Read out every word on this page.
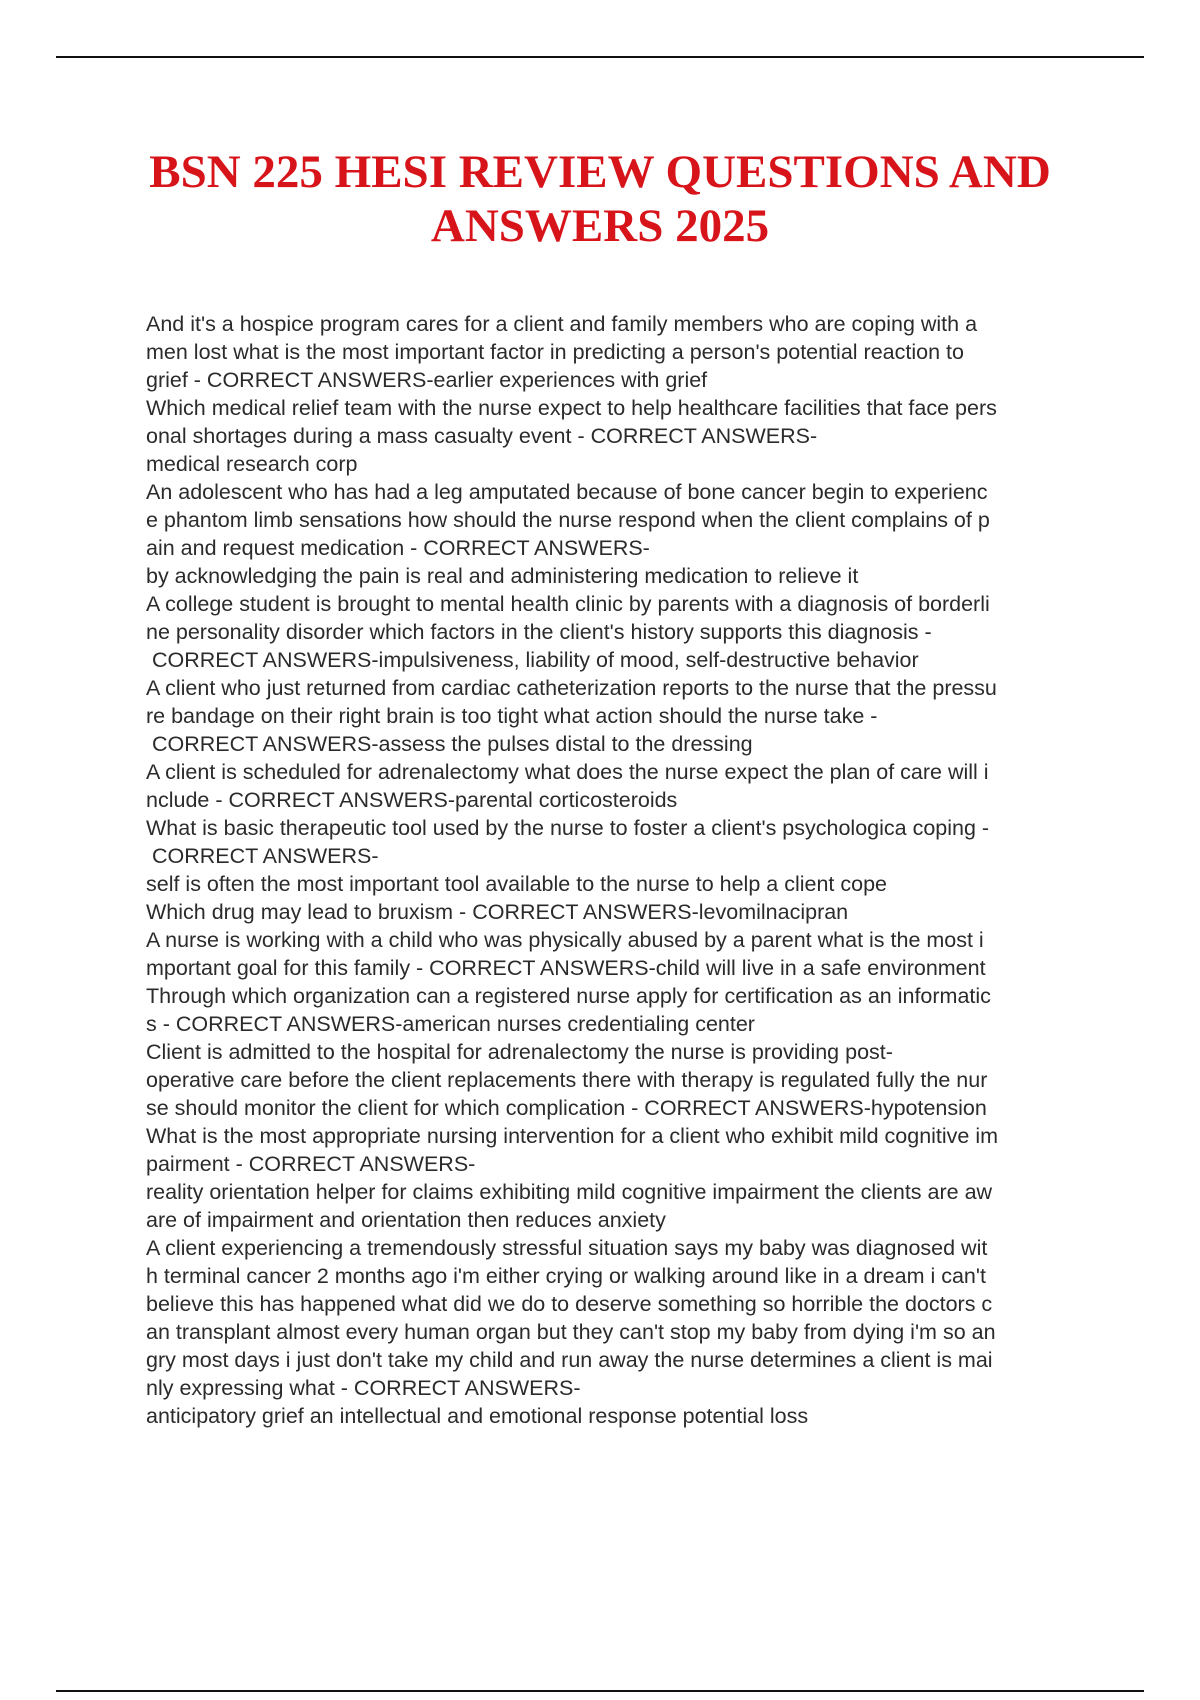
BSN 225 HESI REVIEW QUESTIONS AND
ANSWERS 2025
And it's a hospice program cares for a client and family members who are coping with a
men lost what is the most important factor in predicting a person's potential reaction to
grief - CORRECT ANSWERS-earlier experiences with grief
Which medical relief team with the nurse expect to help healthcare facilities that face pers
onal shortages during a mass casualty event - CORRECT ANSWERS-
medical research corp
An adolescent who has had a leg amputated because of bone cancer begin to experienc
e phantom limb sensations how should the nurse respond when the client complains of p
ain and request medication - CORRECT ANSWERS-
by acknowledging the pain is real and administering medication to relieve it
A college student is brought to mental health clinic by parents with a diagnosis of borderli
ne personality disorder which factors in the client's history supports this diagnosis -
CORRECT ANSWERS-impulsiveness, liability of mood, self-destructive behavior
A client who just returned from cardiac catheterization reports to the nurse that the pressu
re bandage on their right brain is too tight what action should the nurse take -
CORRECT ANSWERS-assess the pulses distal to the dressing
A client is scheduled for adrenalectomy what does the nurse expect the plan of care will i
nclude - CORRECT ANSWERS-parental corticosteroids
What is basic therapeutic tool used by the nurse to foster a client's psychologica coping -
CORRECT ANSWERS-
self is often the most important tool available to the nurse to help a client cope
Which drug may lead to bruxism - CORRECT ANSWERS-levomilnacipran
A nurse is working with a child who was physically abused by a parent what is the most i
mportant goal for this family - CORRECT ANSWERS-child will live in a safe environment
Through which organization can a registered nurse apply for certification as an informatic
s - CORRECT ANSWERS-american nurses credentialing center
Client is admitted to the hospital for adrenalectomy the nurse is providing post-
operative care before the client replacements there with therapy is regulated fully the nur
se should monitor the client for which complication - CORRECT ANSWERS-hypotension
What is the most appropriate nursing intervention for a client who exhibit mild cognitive im
pairment - CORRECT ANSWERS-
reality orientation helper for claims exhibiting mild cognitive impairment the clients are aw
are of impairment and orientation then reduces anxiety
A client experiencing a tremendously stressful situation says my baby was diagnosed wit
h terminal cancer 2 months ago i'm either crying or walking around like in a dream i can't
believe this has happened what did we do to deserve something so horrible the doctors c
an transplant almost every human organ but they can't stop my baby from dying i'm so an
gry most days i just don't take my child and run away the nurse determines a client is mai
nly expressing what - CORRECT ANSWERS-
anticipatory grief an intellectual and emotional response potential loss
